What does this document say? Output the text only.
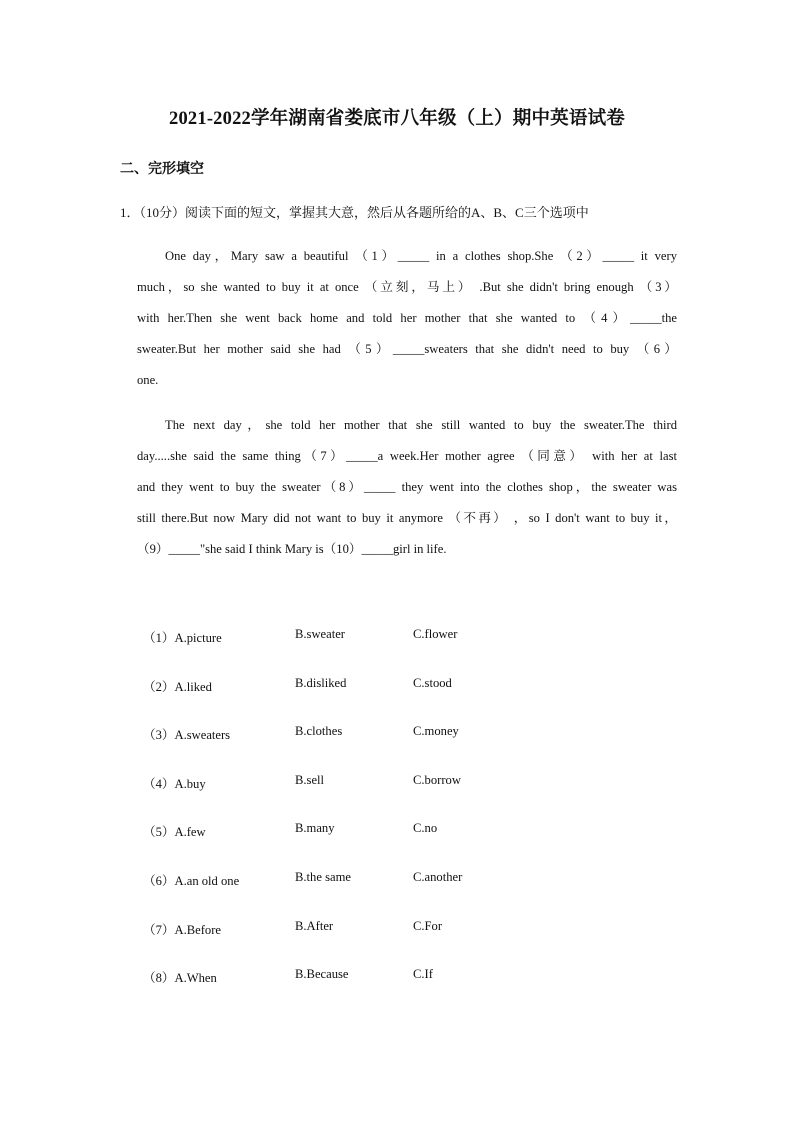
2021-2022学年湖南省娄底市八年级（上）期中英语试卷
二、完形填空
1．（10分）阅读下面的短文，掌握其大意，然后从各题所给的A、B、C三个选项中
One day，Mary saw a beautiful （1）_____ in a clothes shop.She （2）_____ it very
much，so she wanted to buy it at once （立刻，马上） .But she didn't bring enough （3）
with her.Then she went back home and told her mother that she wanted to （4）_____the
sweater.But her mother said she had （5）_____sweaters that she didn't need to buy （6）
one.
The next day，she told her mother that she still wanted to buy the sweater.The third
day.....she said the same thing（7）_____a week.Her mother agree （同意） with her at last
and they went to buy the sweater（8）_____ they went into the clothes shop，the sweater was
still there.But now Mary did not want to buy it anymore （不再） ，so I don't want to buy it，
（9）_____"she said I think Mary is（10）_____girl in life.
（1）A.picture	B.sweater	C.flower
（2）A.liked	B.disliked	C.stood
（3）A.sweaters	B.clothes	C.money
（4）A.buy	B.sell	C.borrow
（5）A.few	B.many	C.no
（6）A.an old one	B.the same	C.another
（7）A.Before	B.After	C.For
（8）A.When	B.Because	C.If
